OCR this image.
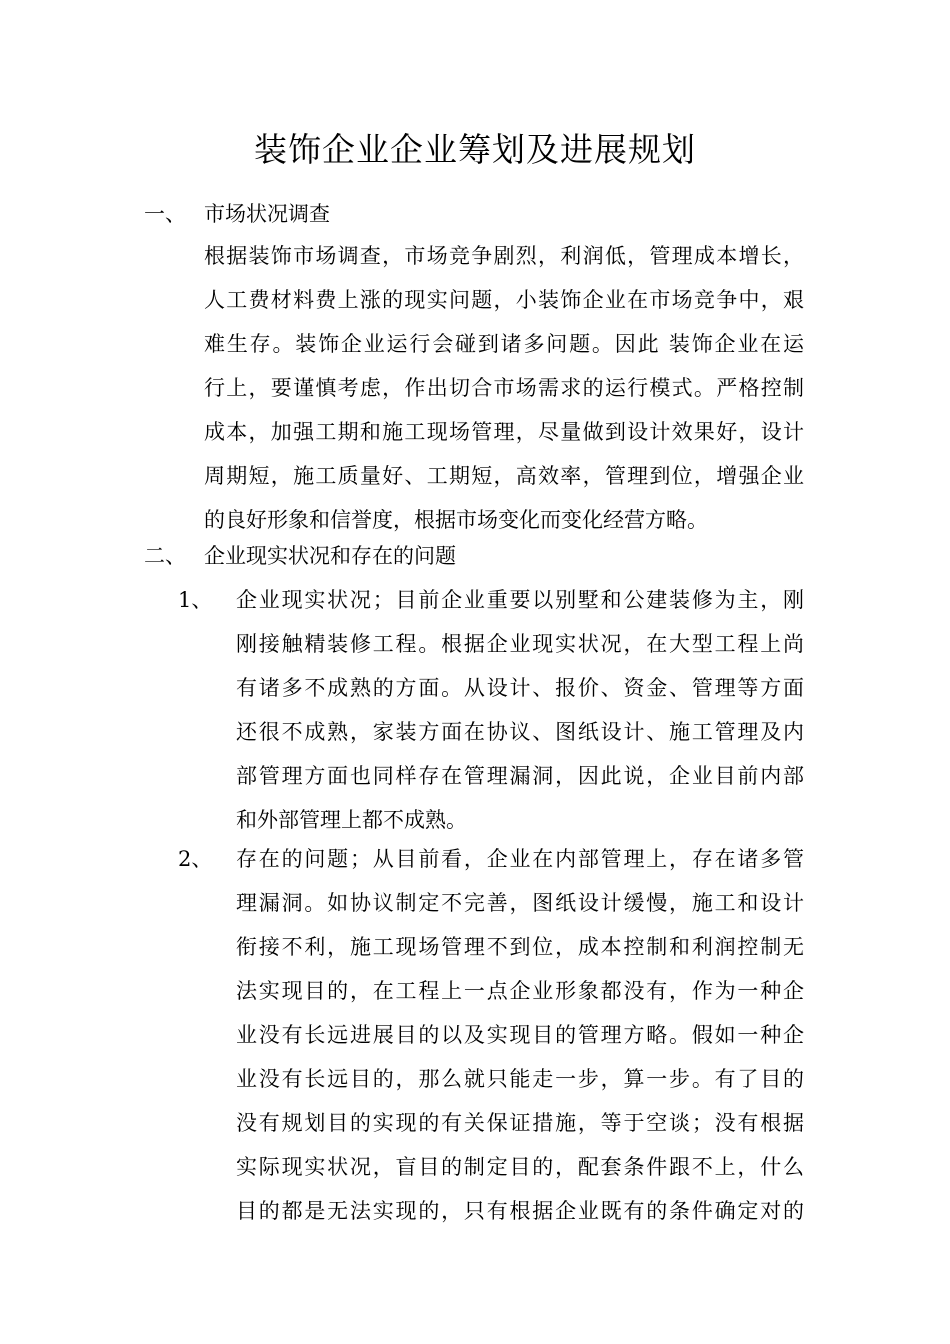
装饰企业企业筹划及进展规划
一、 市场状况调查
根据装饰市场调查，市场竞争剧烈，利润低，管理成本增长，
人工费材料费上涨的现实问题，小装饰企业在市场竞争中，艰
难生存。装饰企业运行会碰到诸多问题。因此 装饰企业在运
行上，要谨慎考虑，作出切合市场需求的运行模式。严格控制
成本，加强工期和施工现场管理，尽量做到设计效果好，设计
周期短，施工质量好、工期短，高效率，管理到位，增强企业
的良好形象和信誉度，根据市场变化而变化经营方略。
二、 企业现实状况和存在的问题
1、 企业现实状况；目前企业重要以别墅和公建装修为主，刚
刚接触精装修工程。根据企业现实状况，在大型工程上尚
有诸多不成熟的方面。从设计、报价、资金、管理等方面
还很不成熟，家装方面在协议、图纸设计、施工管理及内
部管理方面也同样存在管理漏洞，因此说，企业目前内部
和外部管理上都不成熟。
2、 存在的问题；从目前看，企业在内部管理上，存在诸多管
理漏洞。如协议制定不完善，图纸设计缓慢，施工和设计
衔接不利，施工现场管理不到位，成本控制和利润控制无
法实现目的，在工程上一点企业形象都没有，作为一种企
业没有长远进展目的以及实现目的管理方略。假如一种企
业没有长远目的，那么就只能走一步，算一步。有了目的
没有规划目的实现的有关保证措施，等于空谈；没有根据
实际现实状况，盲目的制定目的，配套条件跟不上，什么
目的都是无法实现的，只有根据企业既有的条件确定对的
